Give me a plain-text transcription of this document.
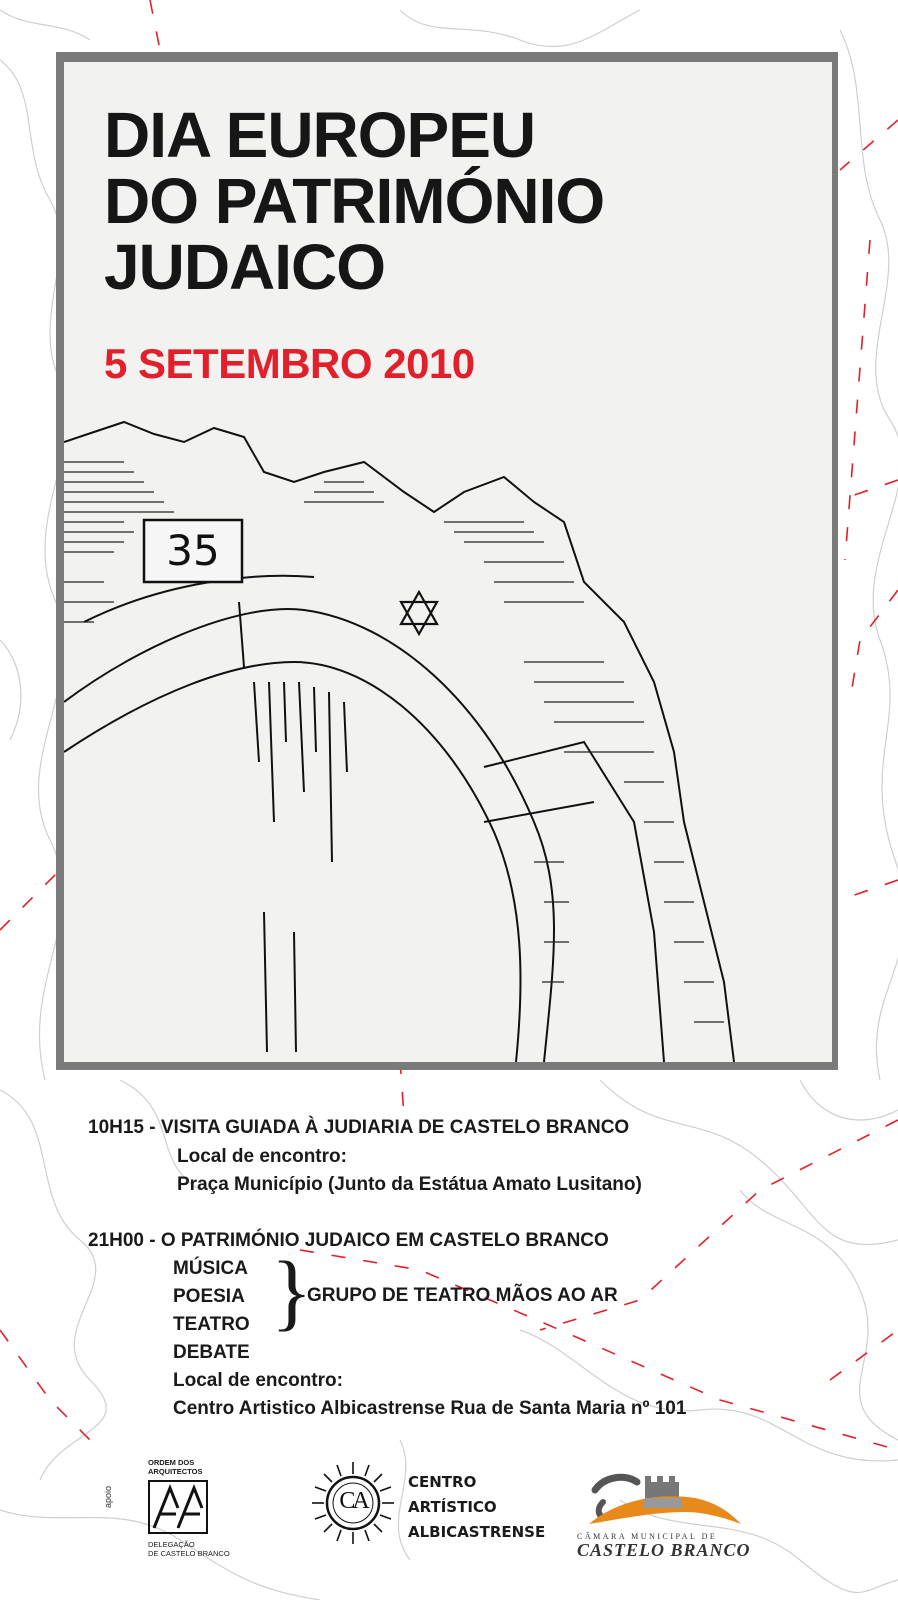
DIA EUROPEU
DO PATRIMÓNIO
JUDAICO
5 SETEMBRO 2010
35
10H15 - VISITA GUIADA À JUDIARIA DE CASTELO BRANCO
Local de encontro:
Praça Município (Junto da Estátua Amato Lusitano)
21H00 - O PATRIMÓNIO JUDAICO EM CASTELO BRANCO
MÚSICA
POESIA
TEATRO
DEBATE
}
GRUPO DE TEATRO MÃOS AO AR
Local de encontro:
Centro Artistico Albicastrense Rua de Santa Maria nº 101
apoio
ORDEM DOS
ARQUITECTOS
DELEGAÇÃO
DE CASTELO BRANCO
CA
CENTRO
ARTÍSTICO
ALBICASTRENSE	CÂMARA MUNICIPAL DE
CASTELO BRANCO
